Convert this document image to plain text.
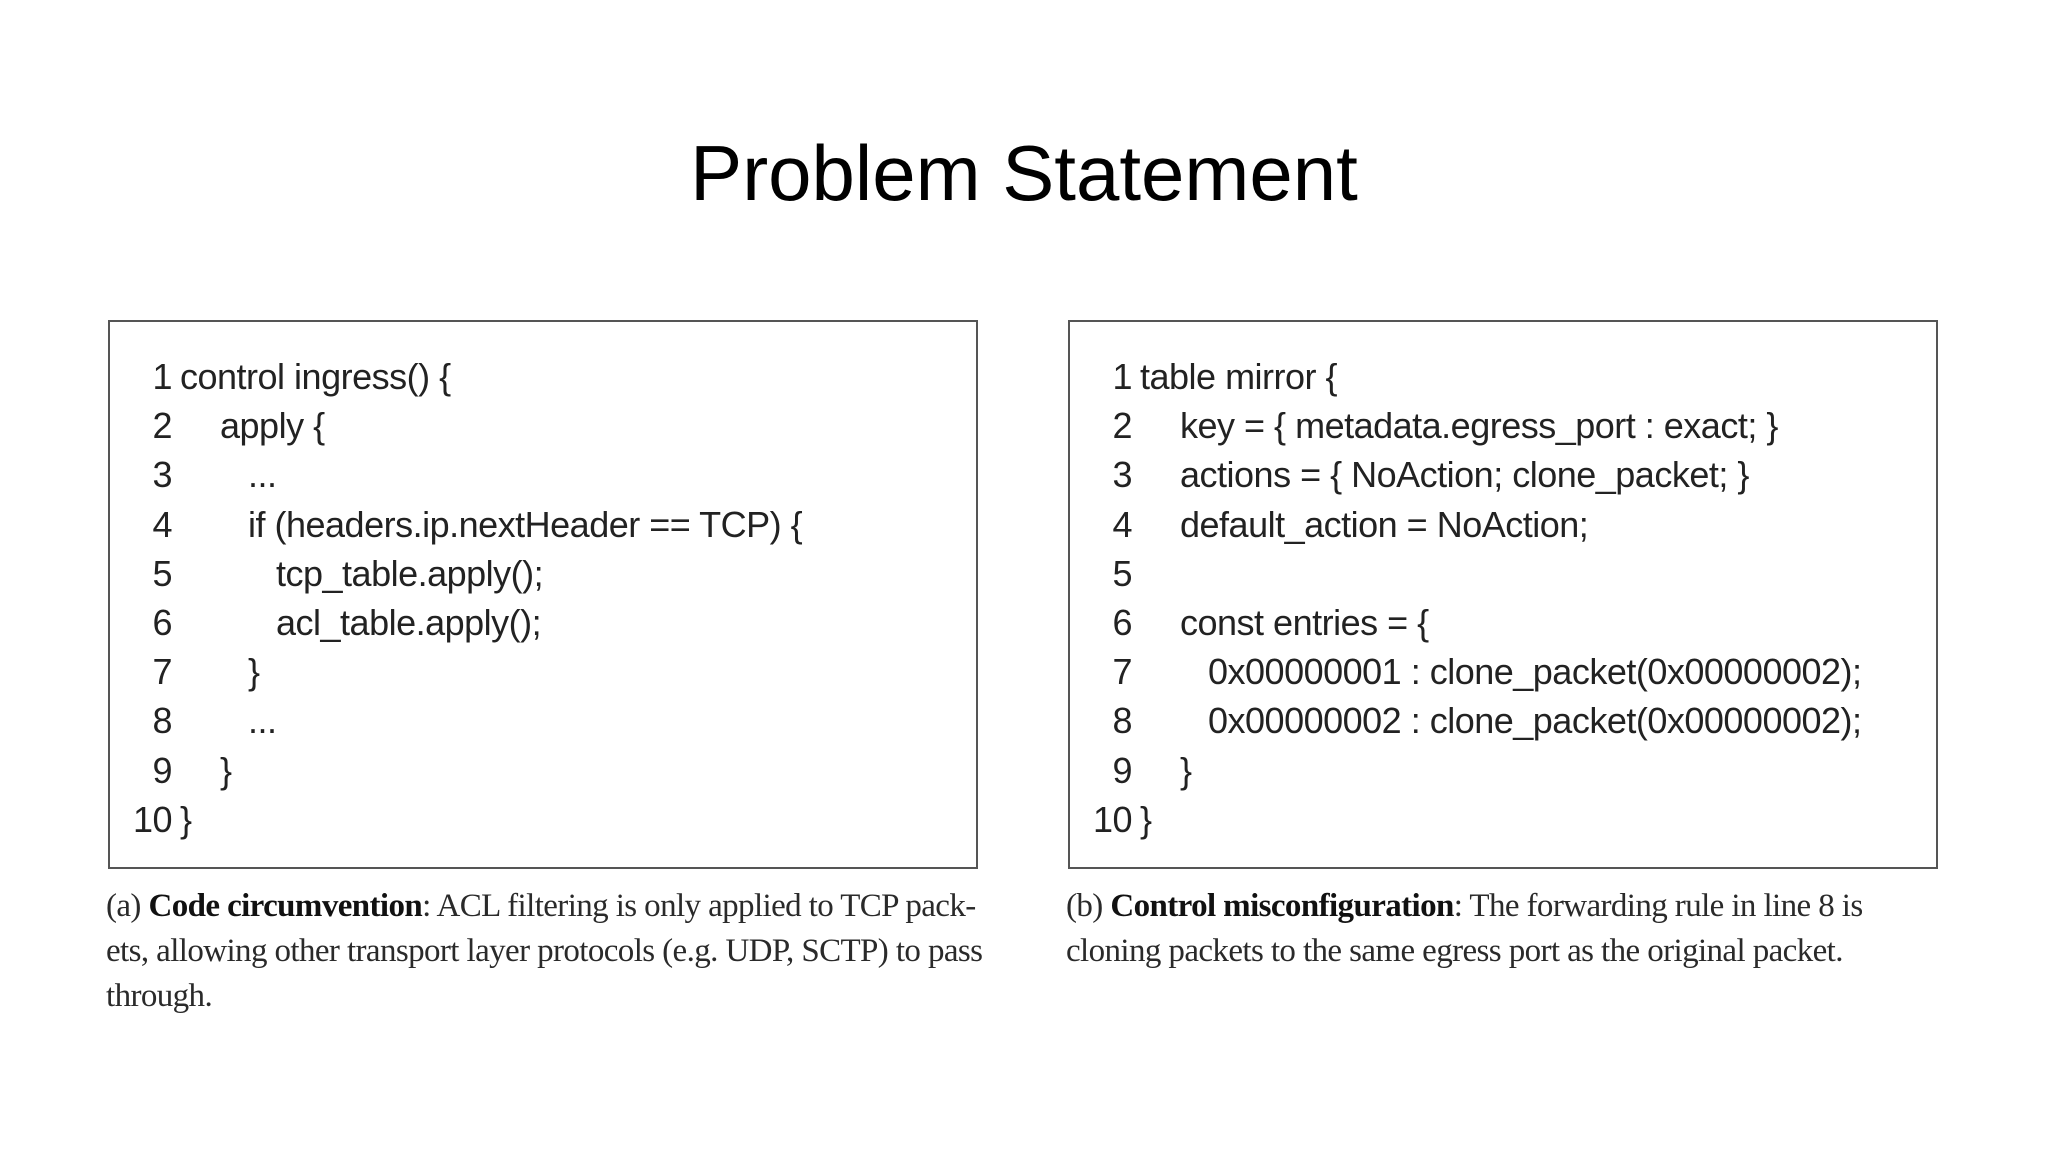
Problem Statement
1 control ingress() {
2 apply {
3 ...
4 if (headers.ip.nextHeader == TCP) {
5	tcp_table.apply();
6	acl_table.apply();
7 }
8 ...
9 }
10 }
1 table mirror {
2 key = { metadata.egress_port : exact; }
3 actions = { NoAction; clone_packet; }
4 default_action = NoAction;
5
6 const entries = {
7 0x00000001 : clone_packet(0x00000002);
8 0x00000002 : clone_packet(0x00000002);
9 }
10 }

(a) Code circumvention: ACL filtering is only applied to TCP pack-ets, allowing other transport layer protocols (e.g. UDP, SCTP) to pass through.

(b) Control misconfiguration: The forwarding rule in line 8 is cloning packets to the same egress port as the original packet.
